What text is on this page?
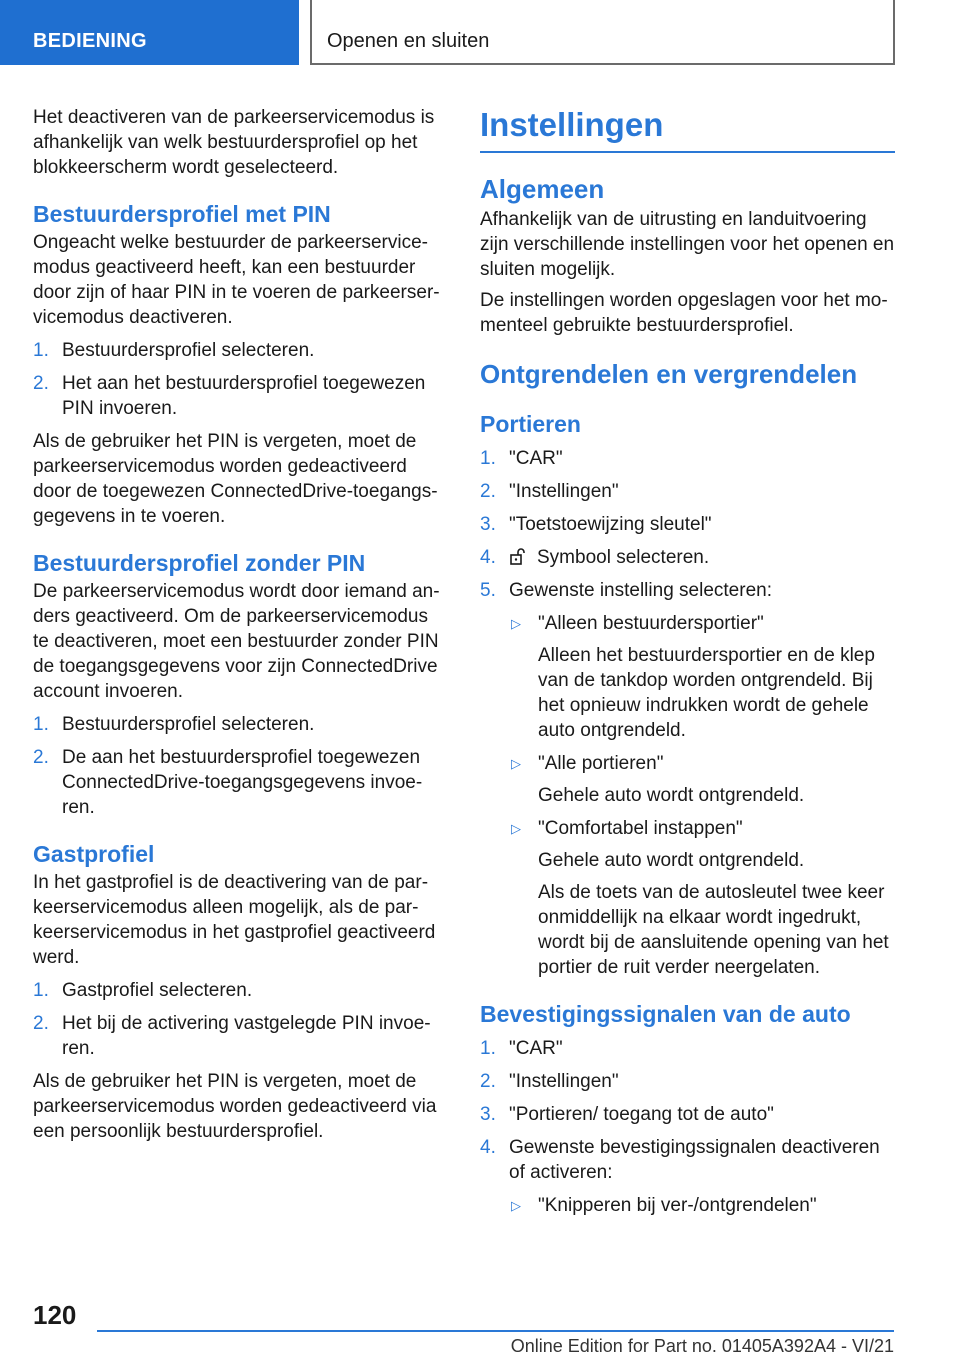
BEDIENING	Openen en sluiten

Het deactiveren van de parkeerservicemodus is afhankelijk van welk bestuurdersprofiel op het blokkeerscherm wordt geselecteerd.

Bestuurdersprofiel met PIN

Ongeacht welke bestuurder de parkeerservicemodus geactiveerd heeft, kan een bestuurder door zijn of haar PIN in te voeren de parkeerservicemodus deactiveren.

1. Bestuurdersprofiel selecteren.
2. Het aan het bestuurdersprofiel toegewezen PIN invoeren.

Als de gebruiker het PIN is vergeten, moet de parkeerservicemodus worden gedeactiveerd door de toegewezen ConnectedDrive-toegangsgegevens in te voeren.

Bestuurdersprofiel zonder PIN

De parkeerservicemodus wordt door iemand anders geactiveerd. Om de parkeerservicemodus te deactiveren, moet een bestuurder zonder PIN de toegangsgegevens voor zijn ConnectedDrive account invoeren.

1. Bestuurdersprofiel selecteren.
2. De aan het bestuurdersprofiel toegewezen ConnectedDrive-toegangsgegevens invoeren.
Gastprofiel

In het gastprofiel is de deactivering van de parkeerservicemodus alleen mogelijk, als de parkeerservicemodus in het gastprofiel geactiveerd werd.

1. Gastprofiel selecteren.
2. Het bij de activering vastgelegde PIN invoeren.

Als de gebruiker het PIN is vergeten, moet de parkeerservicemodus worden gedeactiveerd via een persoonlijk bestuurdersprofiel.

Instellingen
Algemeen

Afhankelijk van de uitrusting en landuitvoering zijn verschillende instellingen voor het openen en sluiten mogelijk.

De instellingen worden opgeslagen voor het momenteel gebruikte bestuurdersprofiel.

Ontgrendelen en vergrendelen
Portieren
1. "CAR"
2. "Instellingen"
3. "Toetstoewijzing sleutel"
4. Symbool selecteren.
5. Gewenste instelling selecteren:
▷ "Alleen bestuurdersportier"
Alleen het bestuurdersportier en de klep van de tankdop worden ontgrendeld. Bij het opnieuw indrukken wordt de gehele auto ontgrendeld.
▷ "Alle portieren"
Gehele auto wordt ontgrendeld.
▷ "Comfortabel instappen"
Gehele auto wordt ontgrendeld.
Als de toets van de autosleutel twee keer onmiddellijk na elkaar wordt ingedrukt, wordt bij de aansluitende opening van het portier de ruit verder neergelaten.
Bevestigingssignalen van de auto
1. "CAR"
2. "Instellingen"
3. "Portieren/ toegang tot de auto"
4. Gewenste bevestigingssignalen deactiveren of activeren:
▷ "Knipperen bij ver-/ontgrendelen"
120
Online Edition for Part no. 01405A392A4 - VI/21
